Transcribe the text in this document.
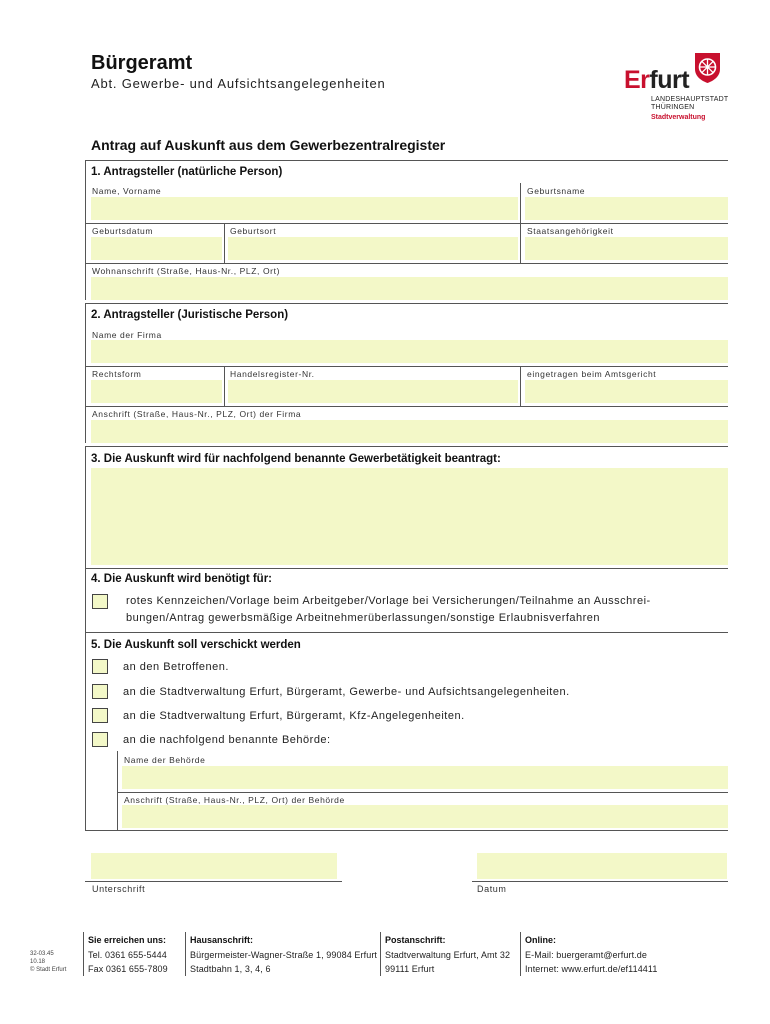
Bürgeramt
Abt. Gewerbe- und Aufsichtsangelegenheiten	Erfurt
LANDESHAUPTSTADT
THÜRINGEN
Stadtverwaltung
Antrag auf Auskunft aus dem Gewerbezentralregister
1. Antragsteller (natürliche Person)
Name, Vorname	Geburtsname
Geburtsdatum	Geburtsort	Staatsangehörigkeit
Wohnanschrift (Straße, Haus-Nr., PLZ, Ort)
2. Antragsteller (Juristische Person)
Name der Firma
Rechtsform	Handelsregister-Nr.	eingetragen beim Amtsgericht
Anschrift (Straße, Haus-Nr., PLZ, Ort) der Firma
3. Die Auskunft wird für nachfolgend benannte Gewerbetätigkeit beantragt:
4. Die Auskunft wird benötigt für:
rotes Kennzeichen/Vorlage beim Arbeitgeber/Vorlage bei Versicherungen/Teilnahme an Ausschrei-
bungen/Antrag gewerbsmäßige Arbeitnehmerüberlassungen/sonstige Erlaubnisverfahren
5. Die Auskunft soll verschickt werden
an den Betroffenen.
an die Stadtverwaltung Erfurt, Bürgeramt, Gewerbe- und Aufsichtsangelegenheiten.
an die Stadtverwaltung Erfurt, Bürgeramt, Kfz-Angelegenheiten.
an die nachfolgend benannte Behörde:
Name der Behörde
Anschrift (Straße, Haus-Nr., PLZ, Ort) der Behörde
Unterschrift	Datum
32-03.45
10.18
© Stadt Erfurt
Sie erreichen uns:
Tel. 0361 655-5444
Fax 0361 655-7809
Hausanschrift:
Bürgermeister-Wagner-Straße 1, 99084 Erfurt
Stadtbahn 1, 3, 4, 6
Postanschrift:
Stadtverwaltung Erfurt, Amt 32
99111 Erfurt
Online:
E-Mail: buergeramt@erfurt.de
Internet: www.erfurt.de/ef114411
